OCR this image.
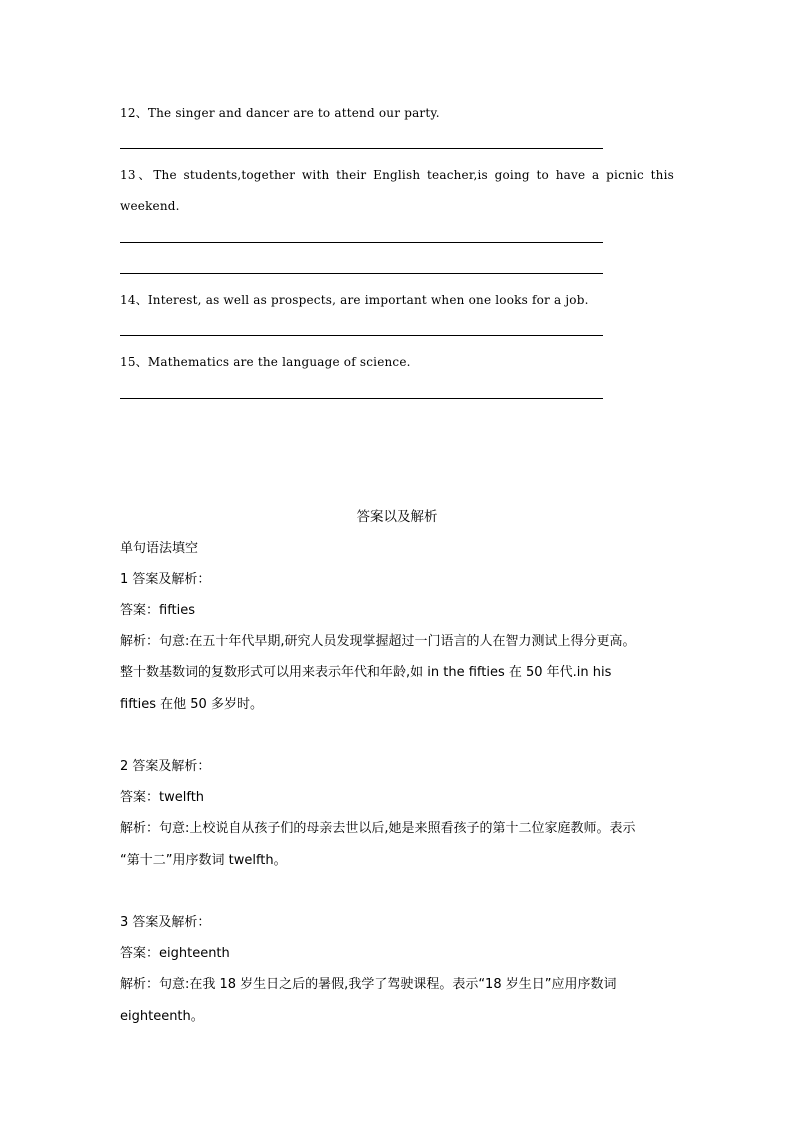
12、The singer and dancer are to attend our party.
13、The students,together with their English teacher,is going to have a picnic this
weekend.
14、Interest, as well as prospects, are important when one looks for a job.
15、Mathematics are the language of science.
答案以及解析
单句语法填空
1 答案及解析：
答案：fifties
解析：句意:在五十年代早期,研究人员发现掌握超过一门语言的人在智力测试上得分更高。
整十数基数词的复数形式可以用来表示年代和年龄,如 in the fifties 在 50 年代.in his
fifties 在他 50 多岁时。
2 答案及解析：
答案：twelfth
解析：句意:上校说自从孩子们的母亲去世以后,她是来照看孩子的第十二位家庭教师。表示
“第十二”用序数词 twelfth。
3 答案及解析：
答案：eighteenth
解析：句意:在我 18 岁生日之后的暑假,我学了驾驶课程。表示“18 岁生日”应用序数词
eighteenth。
